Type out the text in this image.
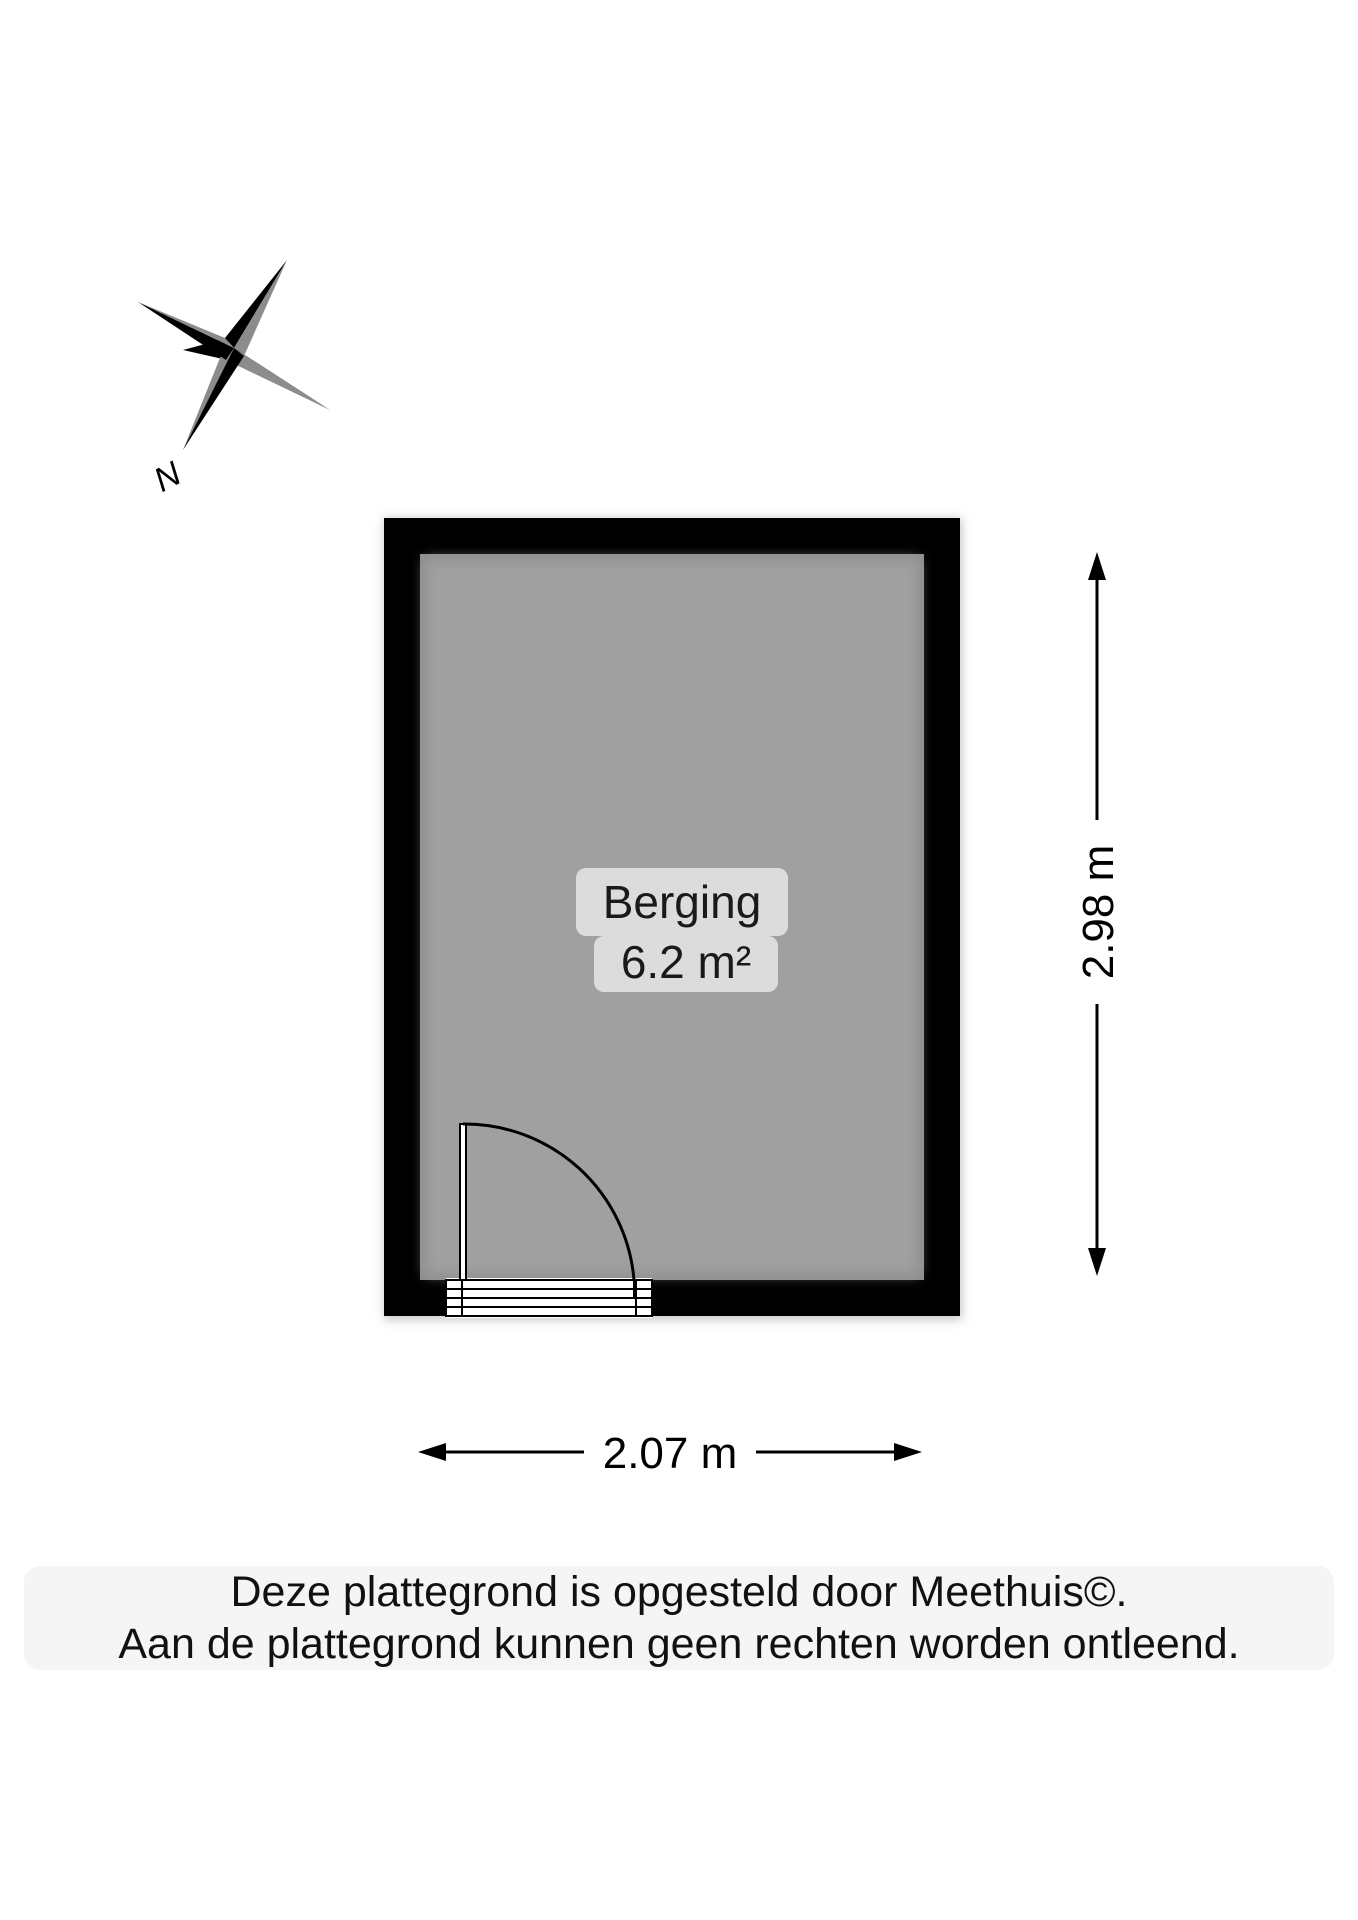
N
Berging
6.2 m²	2.98 m
2.07 m
Deze plattegrond is opgesteld door Meethuis©.
Aan de plattegrond kunnen geen rechten worden ontleend.
